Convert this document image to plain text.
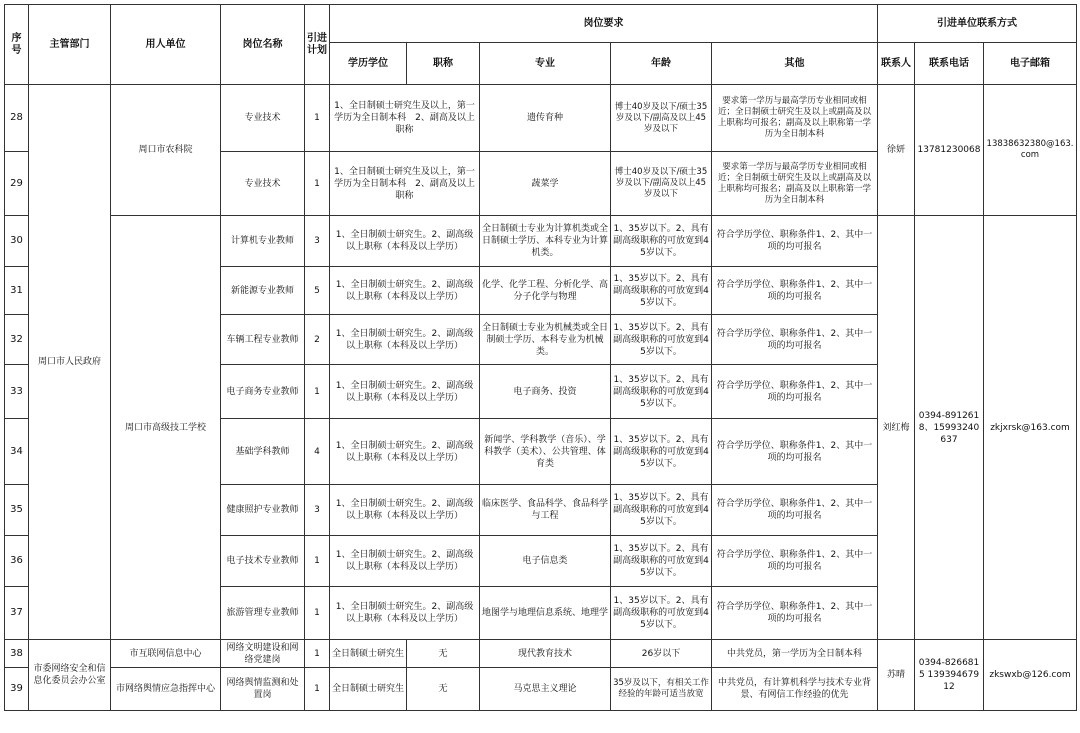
序号	主管部门	用人单位	岗位名称	引进计划	岗位要求					引进单位联系方式		
					学历学位	职称	专业	年龄	其他	联系人	联系电话	电子邮箱
28	周口市人民政府	周口市农科院	专业技术	1	1、全日制硕士研究生及以上，第一学历为全日制本科　2、副高及以上职称		遗传育种	博士40岁及以下/硕士35岁及以下/副高及以上45岁及以下	要求第一学历与最高学历专业相同或相近；全日制硕士研究生及以上或副高及以上职称均可报名；副高及以上职称第一学历为全日制本科	徐妍	13781230068	13838632380@163.com
29			专业技术	1	1、全日制硕士研究生及以上，第一学历为全日制本科　2、副高及以上职称		蔬菜学	博士40岁及以下/硕士35岁及以下/副高及以上45岁及以下	要求第一学历与最高学历专业相同或相近；全日制硕士研究生及以上或副高及以上职称均可报名；副高及以上职称第一学历为全日制本科			
30		周口市高级技工学校	计算机专业教师	3	1、全日制硕士研究生。2、副高级以上职称（本科及以上学历）		全日制硕士专业为计算机类或全日制硕士学历、本科专业为计算机类。	1、35岁以下。2、具有副高级职称的可放宽到45岁以下。	符合学历学位、职称条件1、2、其中一项的均可报名	刘红梅	0394-8912618、15993240637	zkjxrsk@163.com
31			新能源专业教师	5	1、全日制硕士研究生。2、副高级以上职称（本科及以上学历）		化学、化学工程、分析化学、高分子化学与物理	1、35岁以下。2、具有副高级职称的可放宽到45岁以下。	符合学历学位、职称条件1、2、其中一项的均可报名			
32			车辆工程专业教师	2	1、全日制硕士研究生。2、副高级以上职称（本科及以上学历）		全日制硕士专业为机械类或全日制硕士学历、本科专业为机械类。	1、35岁以下。2、具有副高级职称的可放宽到45岁以下。	符合学历学位、职称条件1、2、其中一项的均可报名			
33			电子商务专业教师	1	1、全日制硕士研究生。2、副高级以上职称（本科及以上学历）		电子商务、投资	1、35岁以下。2、具有副高级职称的可放宽到45岁以下。	符合学历学位、职称条件1、2、其中一项的均可报名			
34			基础学科教师	4	1、全日制硕士研究生。2、副高级以上职称（本科及以上学历）		新闻学、学科教学（音乐）、学科教学（美术）、公共管理、体育类	1、35岁以下。2、具有副高级职称的可放宽到45岁以下。	符合学历学位、职称条件1、2、其中一项的均可报名			
35			健康照护专业教师	3	1、全日制硕士研究生。2、副高级以上职称（本科及以上学历）		临床医学、食品科学、食品科学与工程	1、35岁以下。2、具有副高级职称的可放宽到45岁以下。	符合学历学位、职称条件1、2、其中一项的均可报名			
36			电子技术专业教师	1	1、全日制硕士研究生。2、副高级以上职称（本科及以上学历）		电子信息类	1、35岁以下。2、具有副高级职称的可放宽到45岁以下。	符合学历学位、职称条件1、2、其中一项的均可报名			
37			旅游管理专业教师	1	1、全日制硕士研究生。2、副高级以上职称（本科及以上学历）		地图学与地理信息系统、地理学	1、35岁以下。2、具有副高级职称的可放宽到45岁以下。	符合学历学位、职称条件1、2、其中一项的均可报名			
38	市委网络安全和信息化委员会办公室	市互联网信息中心	网络文明建设和网络党建岗	1	全日制硕士研究生	无	现代教育技术	26岁以下	中共党员，第一学历为全日制本科	苏晴	0394-8266815 13939467912	zkswxb@126.com
39		市网络舆情应急指挥中心	网络舆情监测和处置岗	1	全日制硕士研究生	无	马克思主义理论	35岁及以下，有相关工作经验的年龄可适当放宽	中共党员，有计算机科学与技术专业背景、有网信工作经验的优先			
